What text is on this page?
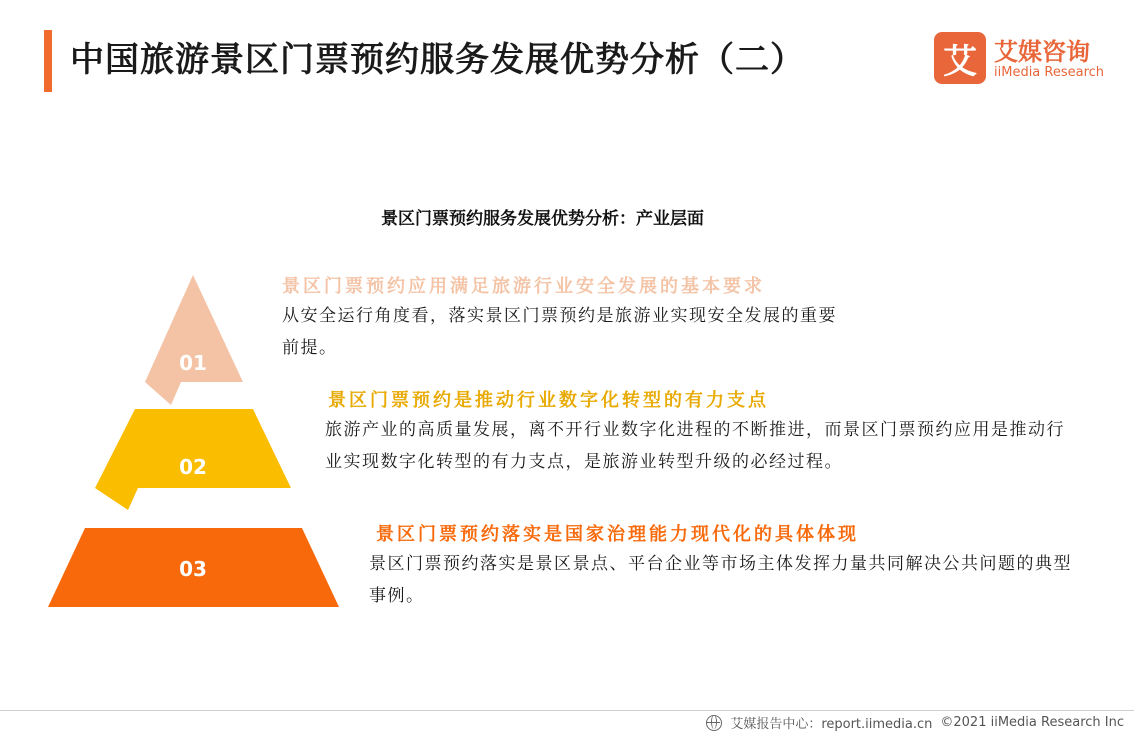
中国旅游景区门票预约服务发展优势分析（二）	艾 艾媒咨询
iiMedia Research
景区门票预约服务发展优势分析：产业层面
01
02
03
景区门票预约应用满足旅游行业安全发展的基本要求
从安全运行角度看，落实景区门票预约是旅游业实现安全发展的重要前提。
景区门票预约是推动行业数字化转型的有力支点
旅游产业的高质量发展，离不开行业数字化进程的不断推进，而景区门票预约应用是推动行业实现数字化转型的有力支点，是旅游业转型升级的必经过程。
景区门票预约落实是国家治理能力现代化的具体体现
景区门票预约落实是景区景点、平台企业等市场主体发挥力量共同解决公共问题的典型事例。
艾媒报告中心：report.iimedia.cn ©2021 iiMedia Research Inc
